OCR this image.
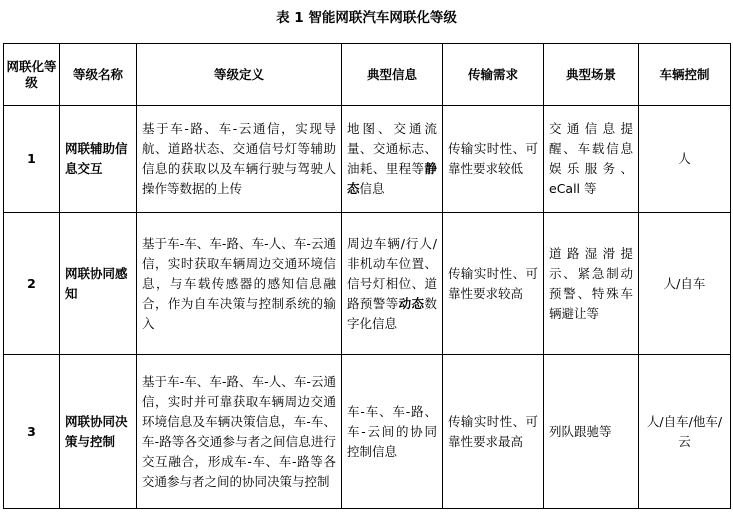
表 1 智能网联汽车网联化等级
网联化等级	等级名称	等级定义	典型信息	传输需求	典型场景	车辆控制
1	网联辅助信息交互	基于车-路、车-云通信，实现导航、道路状态、交通信号灯等辅助信息的获取以及车辆行驶与驾驶人操作等数据的上传	地图、交通流量、交通标志、油耗、里程等静态信息	传输实时性、可靠性要求较低	交通信息提醒、车载信息娱乐服务、eCall 等	人
2	网联协同感知	基于车-车、车-路、车-人、车-云通信，实时获取车辆周边交通环境信息，与车载传感器的感知信息融合，作为自车决策与控制系统的输入	周边车辆/行人/非机动车位置、信号灯相位、道路预警等动态数字化信息	传输实时性、可靠性要求较高	道路湿滑提示、紧急制动预警、特殊车辆避让等	人/自车
3	网联协同决策与控制	基于车-车、车-路、车-人、车-云通信，实时并可靠获取车辆周边交通环境信息及车辆决策信息，车-车、车-路等各交通参与者之间信息进行交互融合，形成车-车、车-路等各交通参与者之间的协同决策与控制	车-车、车-路、车-云间的协同控制信息	传输实时性、可靠性要求最高	列队跟驰等	人/自车/他车/云
